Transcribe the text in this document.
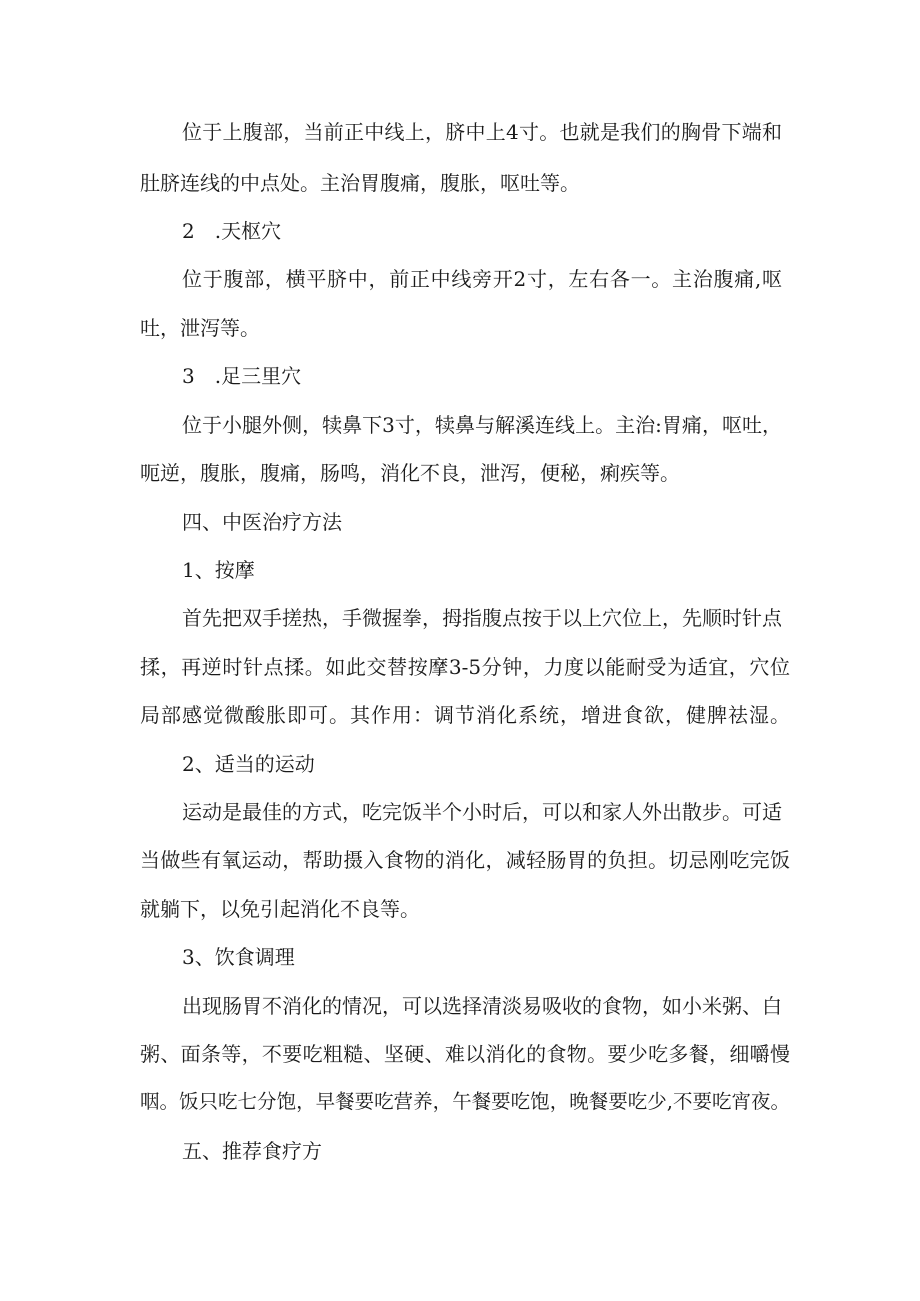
位于上腹部，当前正中线上，脐中上4寸。也就是我们的胸骨下端和
肚脐连线的中点处。主治胃腹痛，腹胀，呕吐等。
2　.天枢穴
位于腹部，横平脐中，前正中线旁开2寸，左右各一。主治腹痛,呕
吐，泄泻等。
3　.足三里穴
位于小腿外侧，犊鼻下3寸，犊鼻与解溪连线上。主治:胃痛，呕吐，
呃逆，腹胀，腹痛，肠鸣，消化不良，泄泻，便秘，痢疾等。
四、中医治疗方法
1、按摩
首先把双手搓热，手微握拳，拇指腹点按于以上穴位上，先顺时针点
揉，再逆时针点揉。如此交替按摩3-5分钟，力度以能耐受为适宜，穴位
局部感觉微酸胀即可。其作用：调节消化系统，增进食欲，健脾祛湿。
2、适当的运动
运动是最佳的方式，吃完饭半个小时后，可以和家人外出散步。可适
当做些有氧运动，帮助摄入食物的消化，减轻肠胃的负担。切忌刚吃完饭
就躺下，以免引起消化不良等。
3、饮食调理
出现肠胃不消化的情况，可以选择清淡易吸收的食物，如小米粥、白
粥、面条等，不要吃粗糙、坚硬、难以消化的食物。要少吃多餐，细嚼慢
咽。饭只吃七分饱，早餐要吃营养，午餐要吃饱，晚餐要吃少,不要吃宵夜。
五、推荐食疗方
